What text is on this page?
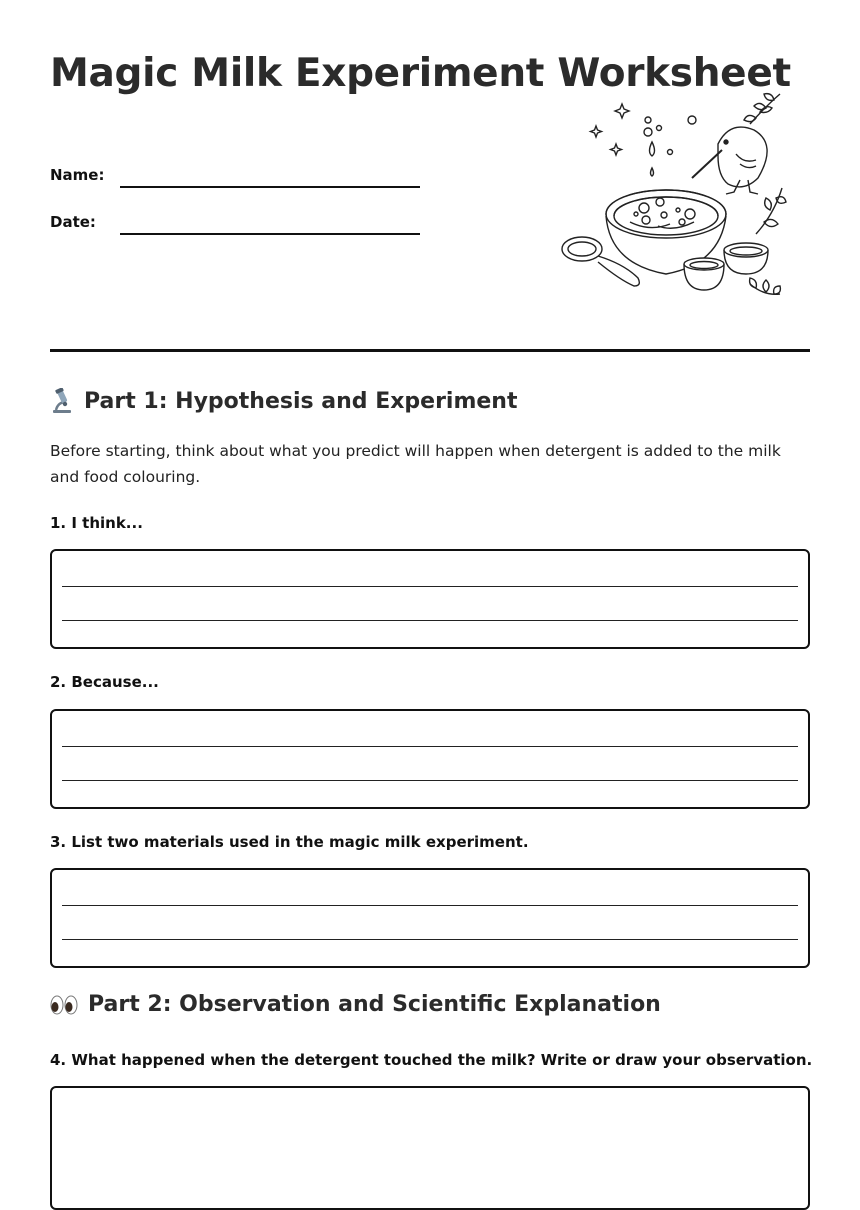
Magic Milk Experiment Worksheet
Name:
Date:
Part 1: Hypothesis and Experiment

Before starting, think about what you predict will happen when detergent is added to the milk and food colouring.

1. I think...

2. Because...

3. List two materials used in the magic milk experiment.

Part 2: Observation and Scientific Explanation

4. What happened when the detergent touched the milk? Write or draw your observation.
